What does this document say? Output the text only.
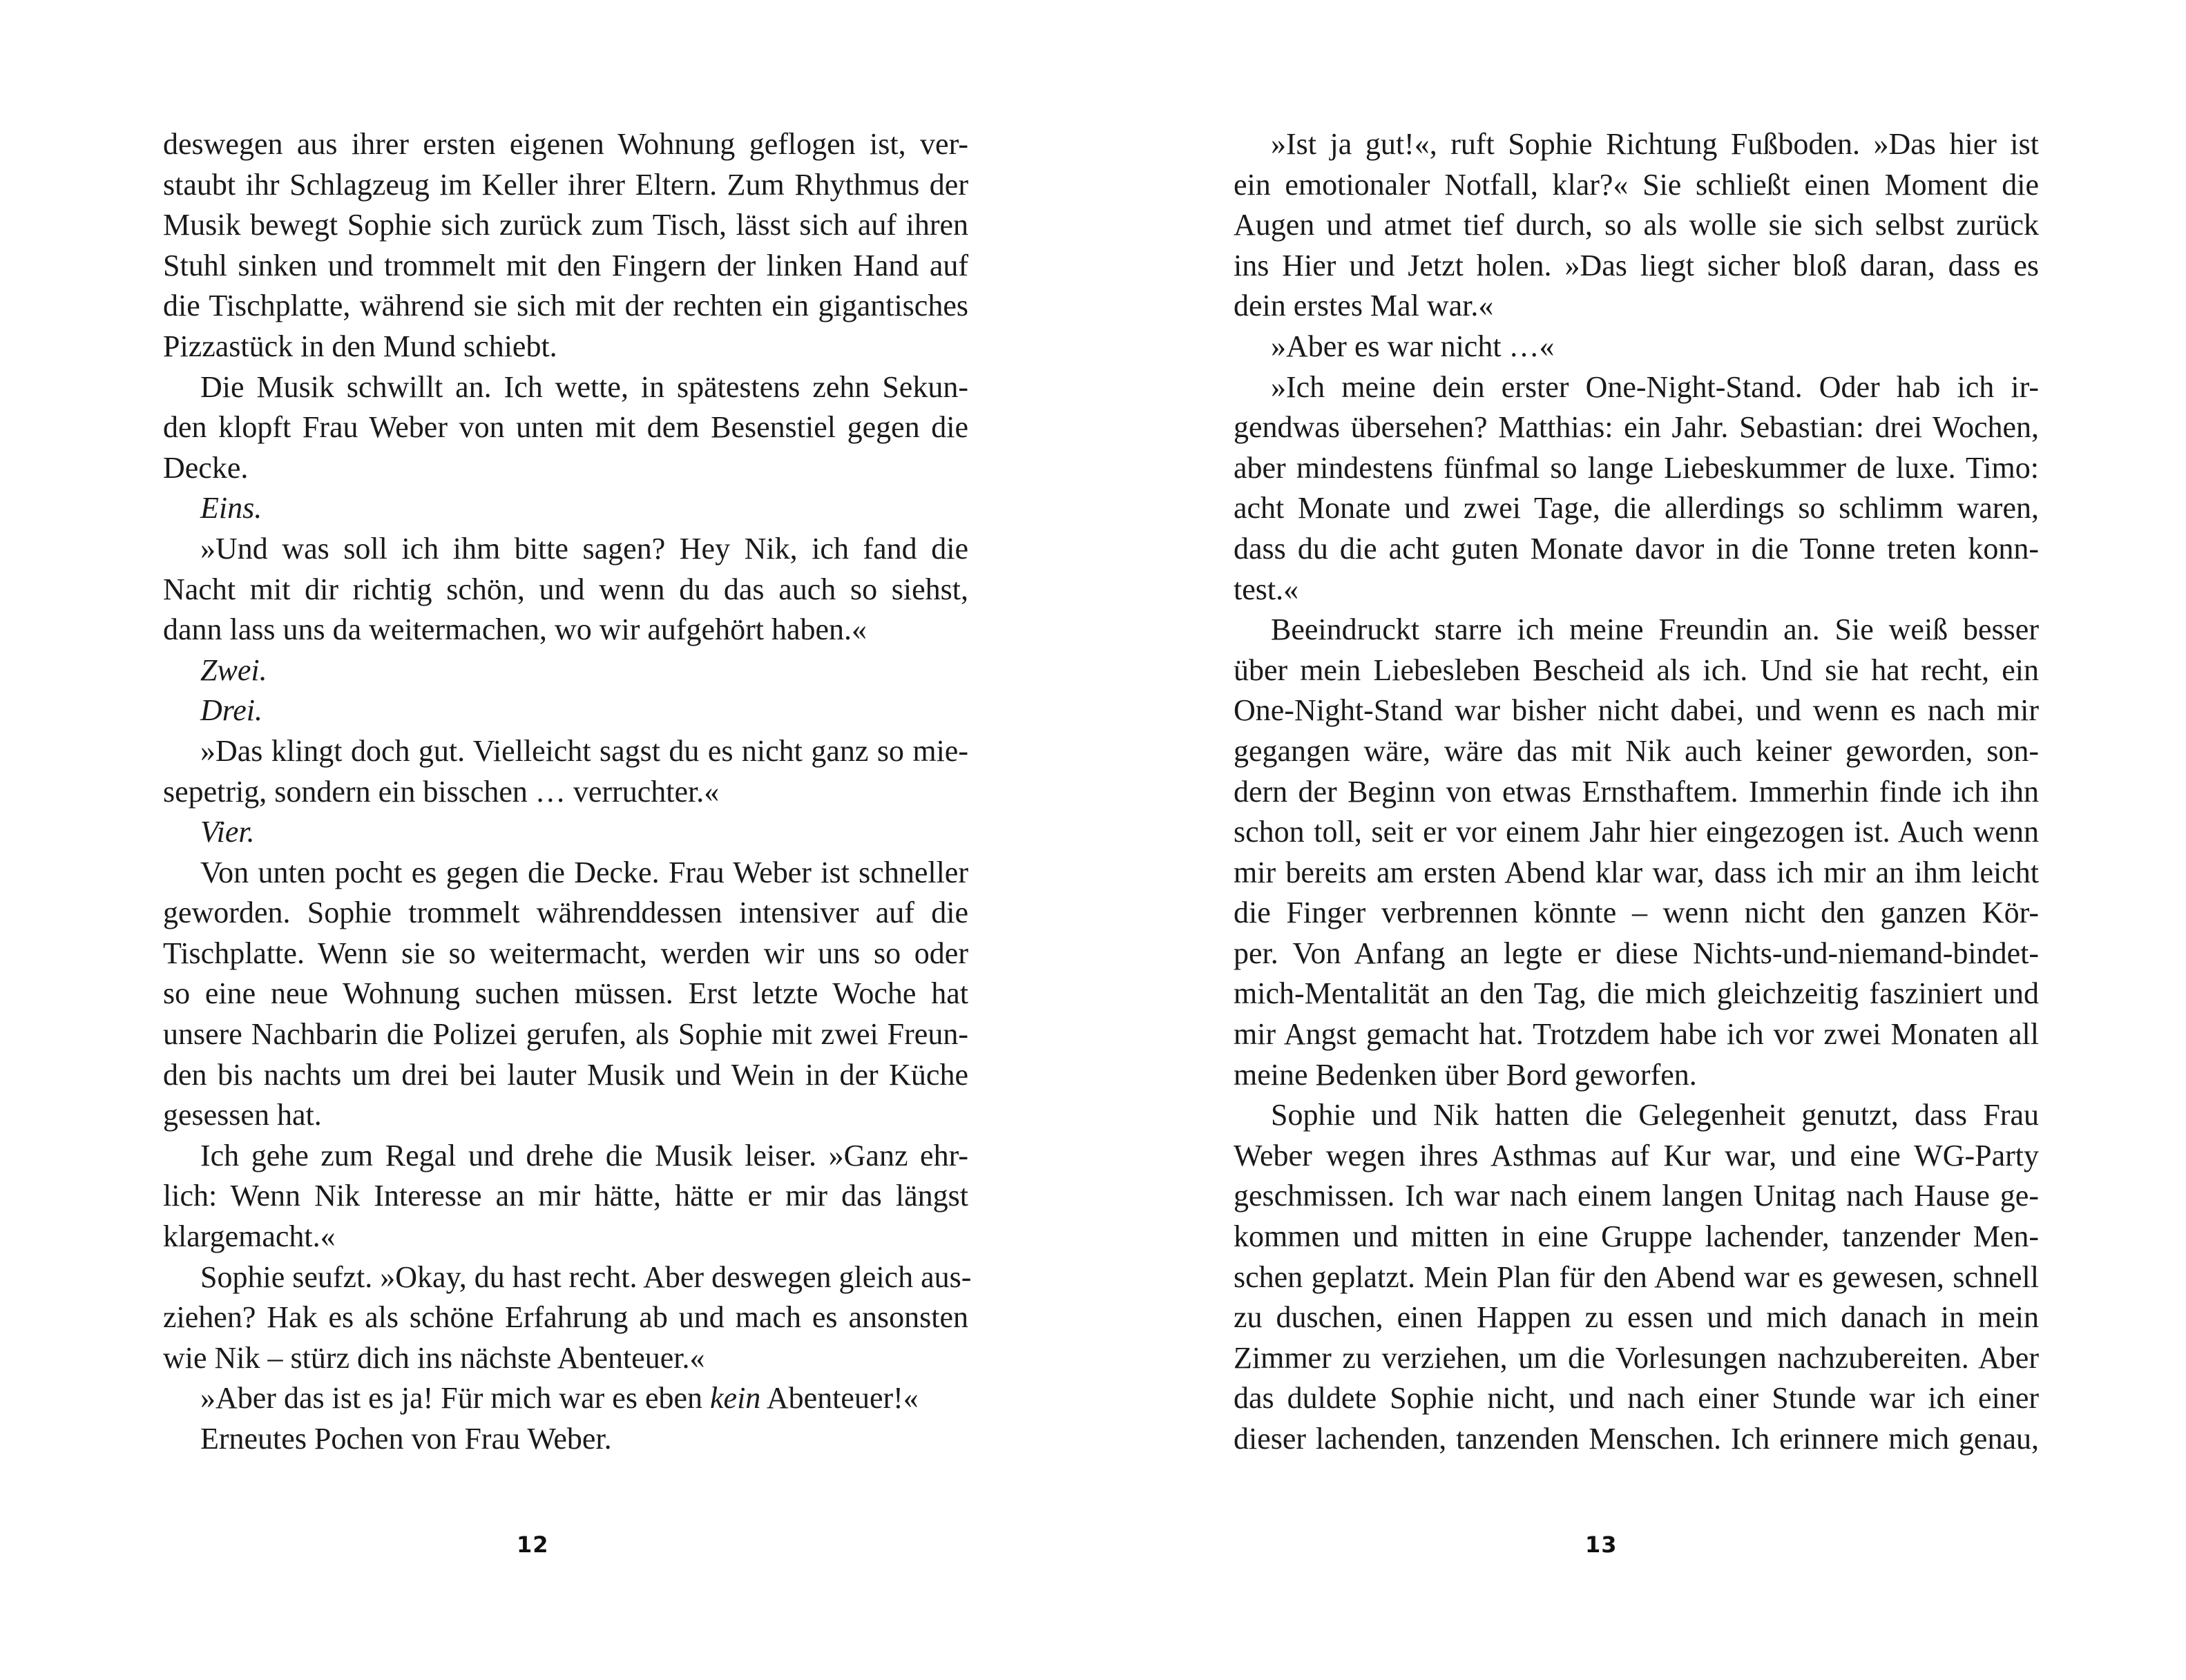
deswegen aus ihrer ersten eigenen Wohnung geflogen ist, ver-
staubt ihr Schlagzeug im Keller ihrer Eltern. Zum Rhythmus der
Musik bewegt Sophie sich zurück zum Tisch, lässt sich auf ihren
Stuhl sinken und trommelt mit den Fingern der linken Hand auf
die Tischplatte, während sie sich mit der rechten ein gigantisches
Pizzastück in den Mund schiebt.
Die Musik schwillt an. Ich wette, in spätestens zehn Sekun-
den klopft Frau Weber von unten mit dem Besenstiel gegen die
Decke.
Eins.
»Und was soll ich ihm bitte sagen? Hey Nik, ich fand die
Nacht mit dir richtig schön, und wenn du das auch so siehst,
dann lass uns da weitermachen, wo wir aufgehört haben.«
Zwei.
Drei.
»Das klingt doch gut. Vielleicht sagst du es nicht ganz so mie-
sepetrig, sondern ein bisschen … verruchter.«
Vier.
Von unten pocht es gegen die Decke. Frau Weber ist schneller
geworden. Sophie trommelt währenddessen intensiver auf die
Tischplatte. Wenn sie so weitermacht, werden wir uns so oder
so eine neue Wohnung suchen müssen. Erst letzte Woche hat
unsere Nachbarin die Polizei gerufen, als Sophie mit zwei Freun-
den bis nachts um drei bei lauter Musik und Wein in der Küche
gesessen hat.
Ich gehe zum Regal und drehe die Musik leiser. »Ganz ehr-
lich: Wenn Nik Interesse an mir hätte, hätte er mir das längst
klargemacht.«
Sophie seufzt. »Okay, du hast recht. Aber deswegen gleich aus-
ziehen? Hak es als schöne Erfahrung ab und mach es ansonsten
wie Nik – stürz dich ins nächste Abenteuer.«
»Aber das ist es ja! Für mich war es eben kein Abenteuer!«
Erneutes Pochen von Frau Weber.
12
»Ist ja gut!«, ruft Sophie Richtung Fußboden. »Das hier ist
ein emotionaler Notfall, klar?« Sie schließt einen Moment die
Augen und atmet tief durch, so als wolle sie sich selbst zurück
ins Hier und Jetzt holen. »Das liegt sicher bloß daran, dass es
dein erstes Mal war.«
»Aber es war nicht …«
»Ich meine dein erster One-Night-Stand. Oder hab ich ir-
gendwas übersehen? Matthias: ein Jahr. Sebastian: drei Wochen,
aber mindestens fünfmal so lange Liebeskummer de luxe. Timo:
acht Monate und zwei Tage, die allerdings so schlimm waren,
dass du die acht guten Monate davor in die Tonne treten konn-
test.«
Beeindruckt starre ich meine Freundin an. Sie weiß besser
über mein Liebesleben Bescheid als ich. Und sie hat recht, ein
One-Night-Stand war bisher nicht dabei, und wenn es nach mir
gegangen wäre, wäre das mit Nik auch keiner geworden, son-
dern der Beginn von etwas Ernsthaftem. Immerhin finde ich ihn
schon toll, seit er vor einem Jahr hier eingezogen ist. Auch wenn
mir bereits am ersten Abend klar war, dass ich mir an ihm leicht
die Finger verbrennen könnte – wenn nicht den ganzen Kör-
per. Von Anfang an legte er diese Nichts-und-niemand-bindet-
mich-Mentalität an den Tag, die mich gleichzeitig fasziniert und
mir Angst gemacht hat. Trotzdem habe ich vor zwei Monaten all
meine Bedenken über Bord geworfen.
Sophie und Nik hatten die Gelegenheit genutzt, dass Frau
Weber wegen ihres Asthmas auf Kur war, und eine WG-Party
geschmissen. Ich war nach einem langen Unitag nach Hause ge-
kommen und mitten in eine Gruppe lachender, tanzender Men-
schen geplatzt. Mein Plan für den Abend war es gewesen, schnell
zu duschen, einen Happen zu essen und mich danach in mein
Zimmer zu verziehen, um die Vorlesungen nachzubereiten. Aber
das duldete Sophie nicht, und nach einer Stunde war ich einer
dieser lachenden, tanzenden Menschen. Ich erinnere mich genau,
13
